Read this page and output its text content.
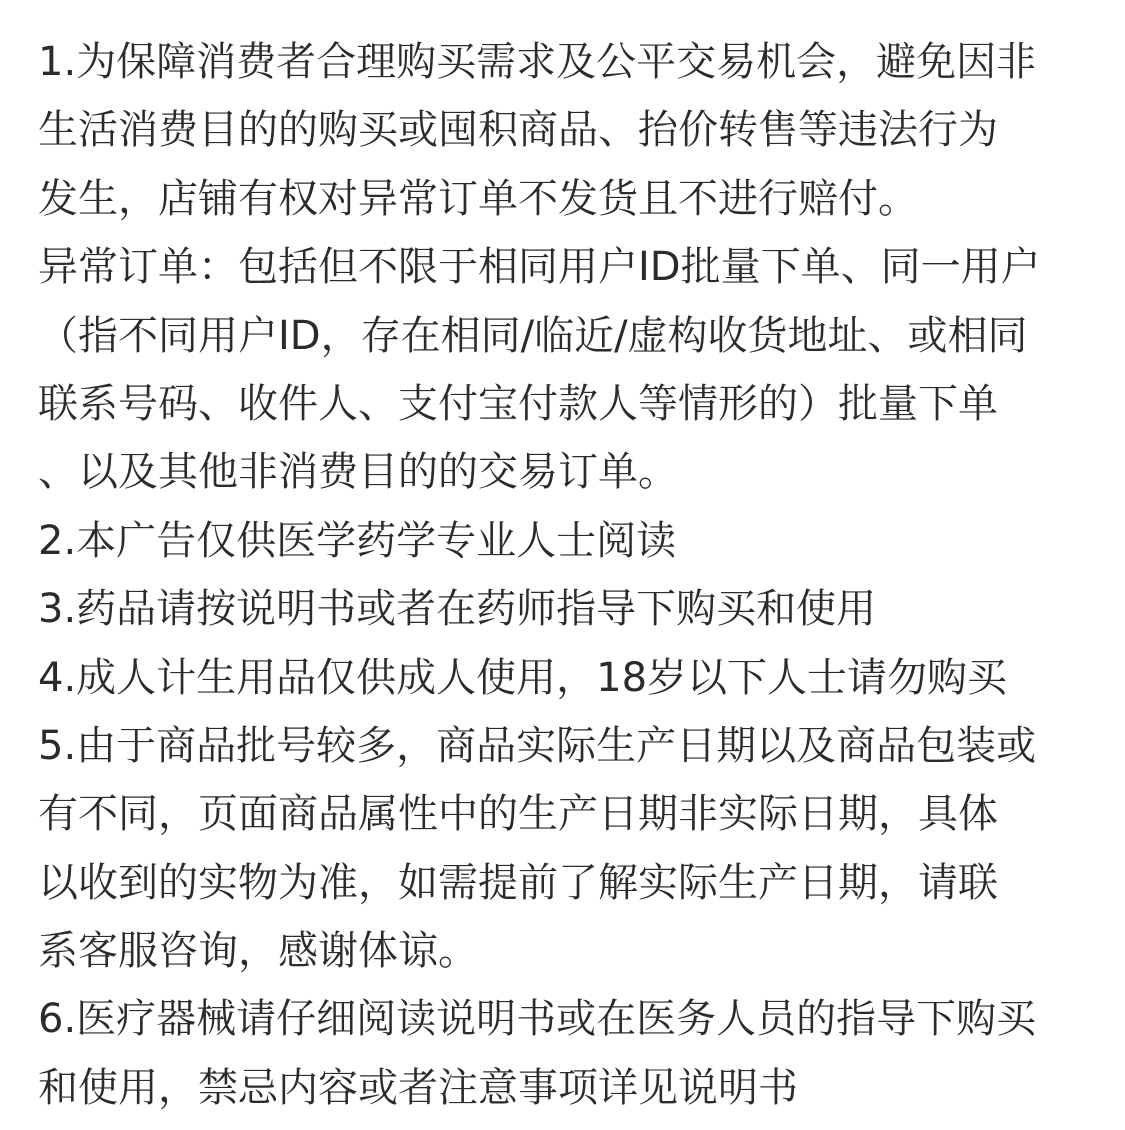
1.为保障消费者合理购买需求及公平交易机会，避免因非
生活消费目的的购买或囤积商品、抬价转售等违法行为
发生，店铺有权对异常订单不发货且不进行赔付。
异常订单：包括但不限于相同用户ID批量下单、同一用户
（指不同用户ID，存在相同/临近/虚构收货地址、或相同
联系号码、收件人、支付宝付款人等情形的）批量下单
、以及其他非消费目的的交易订单。
2.本广告仅供医学药学专业人士阅读
3.药品请按说明书或者在药师指导下购买和使用
4.成人计生用品仅供成人使用，18岁以下人士请勿购买
5.由于商品批号较多，商品实际生产日期以及商品包装或
有不同，页面商品属性中的生产日期非实际日期，具体
以收到的实物为准，如需提前了解实际生产日期，请联
系客服咨询，感谢体谅。
6.医疗器械请仔细阅读说明书或在医务人员的指导下购买
和使用，禁忌内容或者注意事项详见说明书
